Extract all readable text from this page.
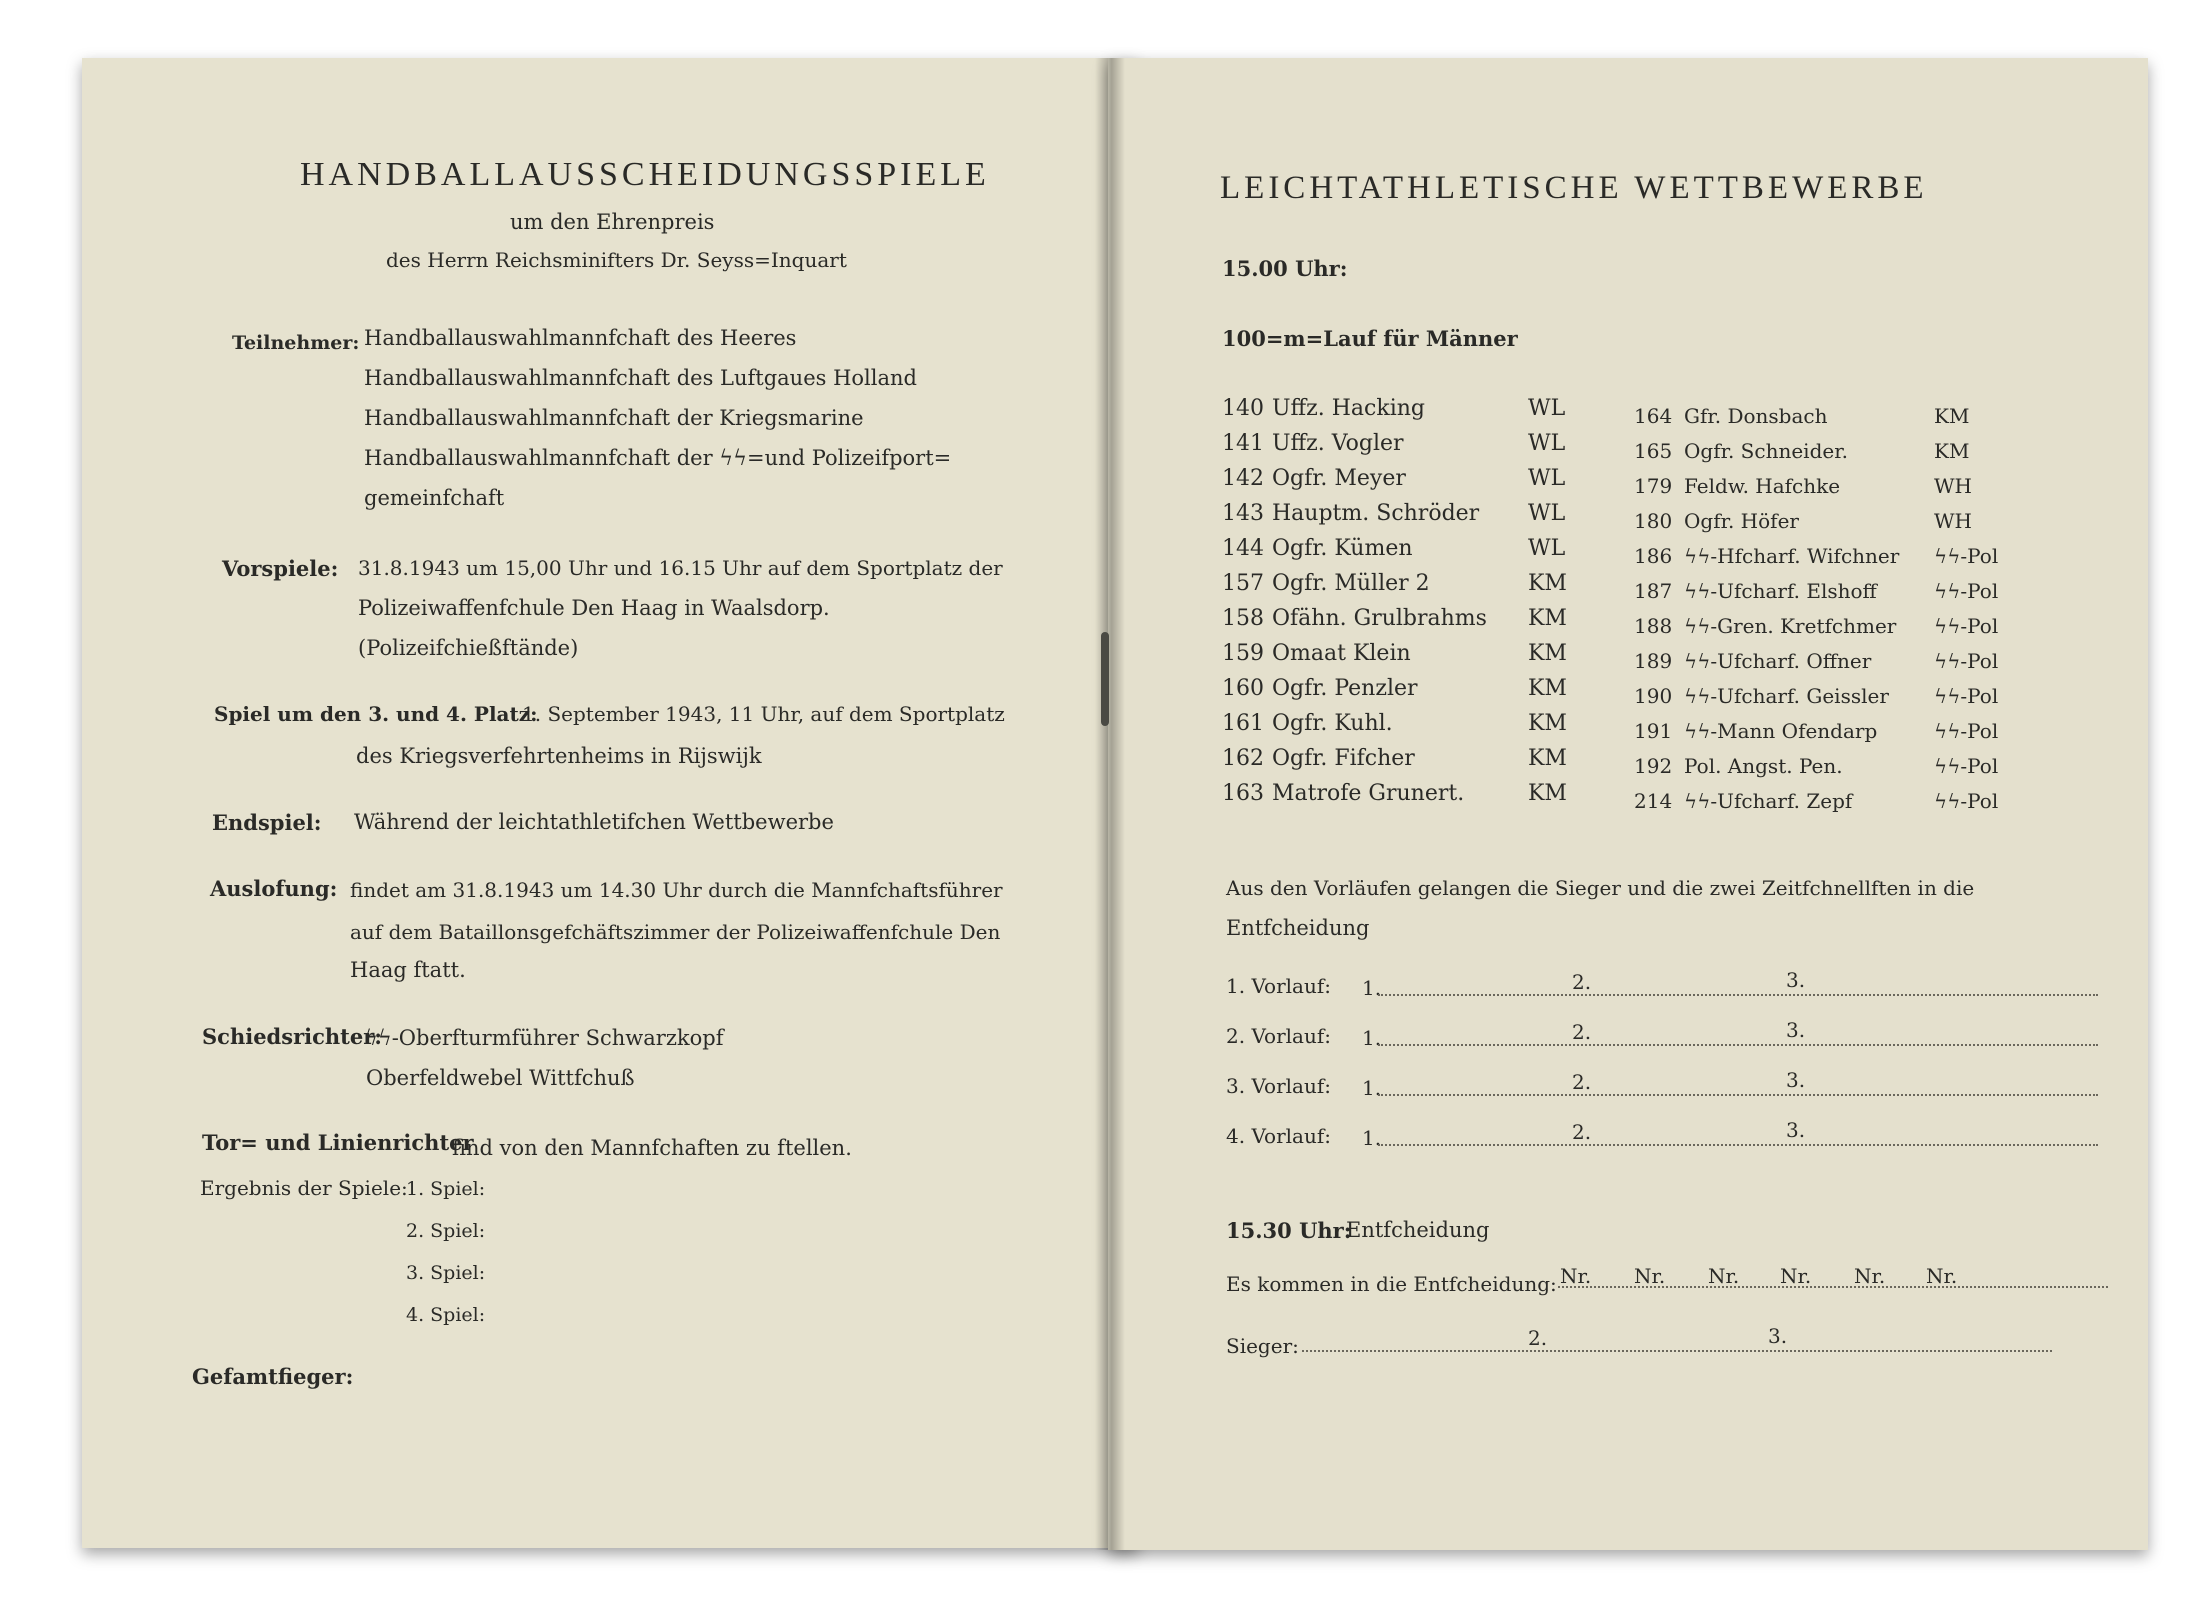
HANDBALLAUSSCHEIDUNGSSPIELE
um den Ehrenpreis
des Herrn Reichsminifters Dr. Seyss=Inquart
Teilnehmer: Handballauswahlmannfchaft des Heeres
Handballauswahlmannfchaft des Luftgaues Holland
Handballauswahlmannfchaft der Kriegsmarine
Handballauswahlmannfchaft der ϟϟ=und Polizeifport=
gemeinfchaft
Vorspiele: 31.8.1943 um 15,00 Uhr und 16.15 Uhr auf dem Sportplatz der
Polizeiwaffenfchule Den Haag in Waalsdorp.
(Polizeifchießftände)
Spiel um den 3. und 4. Platz:
1. September 1943, 11 Uhr, auf dem Sportplatz
des Kriegsverfehrtenheims in Rijswijk
Endspiel: Während der leichtathletifchen Wettbewerbe
Auslofung: findet am 31.8.1943 um 14.30 Uhr durch die Mannfchaftsführer
auf dem Bataillonsgefchäftszimmer der Polizeiwaffenfchule Den
Haag ftatt.
Schiedsrichter:
ϟϟ-Oberfturmführer Schwarzkopf
Oberfeldwebel Wittfchuß
Tor= und Linienrichter
find von den Mannfchaften zu ftellen.
Ergebnis der Spiele:
1. Spiel:
2. Spiel:
3. Spiel:
4. Spiel:
Gefamtfieger:
LEICHTATHLETISCHE WETTBEWERBE
15.00 Uhr:
100=m=Lauf für Männer
140 Uffz. Hacking	WL
141 Uffz. Vogler	WL
142 Ogfr. Meyer	WL
143 Hauptm. Schröder WL
144 Ogfr. Kümen	WL
157 Ogfr. Müller 2	KM
158 Ofähn. Grulbrahms KM
159 Omaat Klein	KM
160 Ogfr. Penzler	KM
161 Ogfr. Kuhl.	KM
162 Ogfr. Fifcher	KM
163 Matrofe Grunert.	KM
164 Gfr. Donsbach	KM
165 Ogfr. Schneider.	KM
179 Feldw. Hafchke	WH
180 Ogfr. Höfer	WH
186 ϟϟ-Hfcharf. Wifchner ϟϟ-Pol
187 ϟϟ-Ufcharf. Elshoff	ϟϟ-Pol
188 ϟϟ-Gren. Kretfchmer ϟϟ-Pol
189 ϟϟ-Ufcharf. Offner	ϟϟ-Pol
190 ϟϟ-Ufcharf. Geissler ϟϟ-Pol
191 ϟϟ-Mann Ofendarp	ϟϟ-Pol
192 Pol. Angst. Pen.	ϟϟ-Pol
214 ϟϟ-Ufcharf. Zepf	ϟϟ-Pol
Aus den Vorläufen gelangen die Sieger und die zwei Zeitfchnellften in die
Entfcheidung
1. Vorlauf: 1.	2.	3.
2. Vorlauf: 1.	2.	3.
3. Vorlauf: 1.	2.	3.
4. Vorlauf: 1.	2.	3.
15.30 Uhr:
Entfcheidung
Es kommen in die Entfcheidung: Nr. Nr. Nr. Nr. Nr. Nr.
Sieger:	2.	3.
